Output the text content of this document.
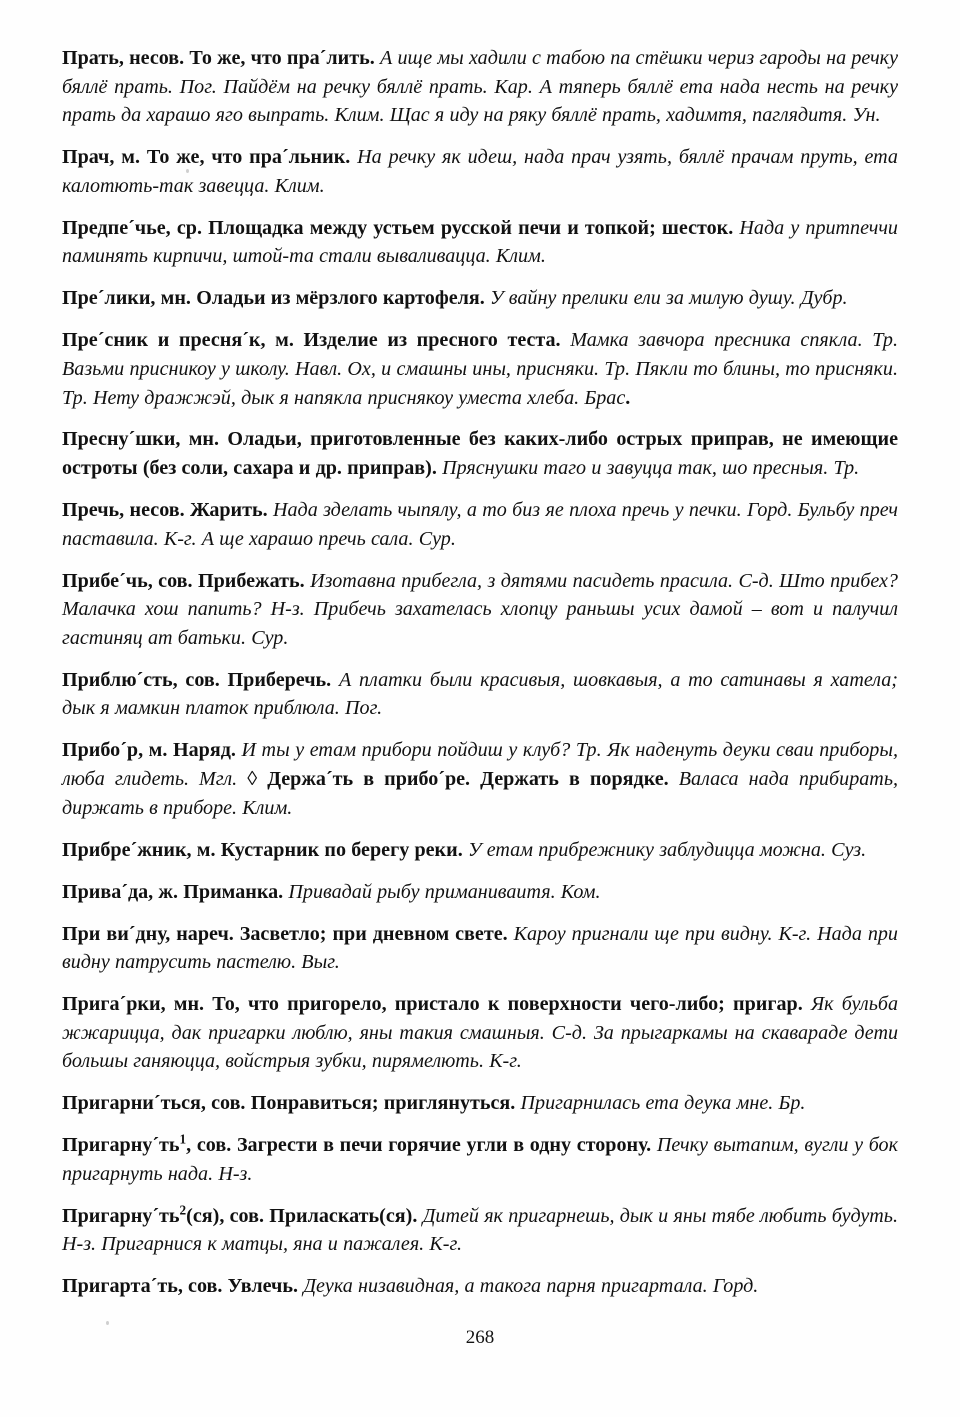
Прать, несов. То же, что пра´лить. А ище мы хадили с табою па стёшки чериз гароды на речку бяллё прать. Пог. Пайдём на речку бяллё прать. Кар. А тяперь бяллё ета нада несть на речку прать да харашо яго выпрать. Клим. Щас я иду на ряку бяллё прать, хадимтя, паглядитя. Ун.

Прач, м. То же, что пра´льник. На речку як идеш, нада прач узять, бяллё прачам пруть, ета калотють-так завецца. Клим.

Предпе´чье, ср. Площадка между устьем русской печи и топкой; шесток. Нада у притпеччи паминять кирпичи, штой-та стали вываливацца. Клим.

Пре´лики, мн. Оладьи из мёрзлого картофеля. У вайну прелики ели за милую душу. Дубр.

Пре´сник и пресня´к, м. Изделие из пресного теста. Мамка завчора пресника спякла. Тр. Вазьми присникоу у школу. Навл. Ох, и смашны ины, присняки. Тр. Пякли то блины, то присняки. Тр. Нету дражжэй, дык я напякла приснякоу уместа хлеба. Брас.

Пресну´шки, мн. Оладьи, приготовленные без каких-либо острых приправ, не имеющие остроты (без соли, сахара и др. приправ). Пряснушки таго и завуцца так, шо пресныя. Тр.

Пречь, несов. Жарить. Нада зделать чыпялу, а то биз яе плоха пречь у печки. Горд. Бульбу преч паставила. К-г. А ще харашо пречь сала. Сур.

Прибе´чь, сов. Прибежать. Изотавна прибегла, з дятями пасидеть прасила. С-д. Што прибех? Малачка хош папить? Н-з. Прибечь захателась хлопцу раньшы усих дамой – вот и палучил гастиняц ат батьки. Сур.

Приблю´сть, сов. Приберечь. А платки были красивыя, шовкавыя, а то сатинавы я хатела; дык я мамкин платок приблюла. Пог.

Прибо´р, м. Наряд. И ты у етам прибори пойдиш у клуб? Тр. Як наденуть деуки сваи приборы, люба глидеть. Мгл. ◊ Держа´ть в прибо´ре. Держать в порядке. Валаса нада прибирать, диржать в приборе. Клим.

Прибре´жник, м. Кустарник по берегу реки. У етам прибрежнику заблудицца можна. Суз.

Прива´да, ж. Приманка. Привадай рыбу приманиваитя. Ком.

При ви´дну, нареч. Засветло; при дневном свете. Кароу пригнали ще при видну. К-г. Нада при видну патрусить пастелю. Выг.

Прига´рки, мн. То, что пригорело, пристало к поверхности чего-либо; пригар. Як бульба жжарицца, дак пригарки люблю, яны такия смашныя. С-д. За прыгаркамы на скавараде дети большы ганяюцца, войстрыя зубки, пирямелють. К-г.

Пригарни´ться, сов. Понравиться; приглянуться. Пригарнилась ета деука мне. Бр.

$Пригарну´ть^1$, сов. Загрести в печи горячие угли в одну сторону. Печку вытапим, вугли у бок пригарнуть нада. Н-з.

$Пригарну´ть^2(ся)$, сов. Приласкать(ся). Дитей як пригарнешь, дык и яны тябе любить будуть. Н-з. Пригарнися к матцы, яна и пажалея. К-г.

Пригарта´ть, сов. Увлечь. Деука низавидная, а такога парня пригартала. Горд.

268
